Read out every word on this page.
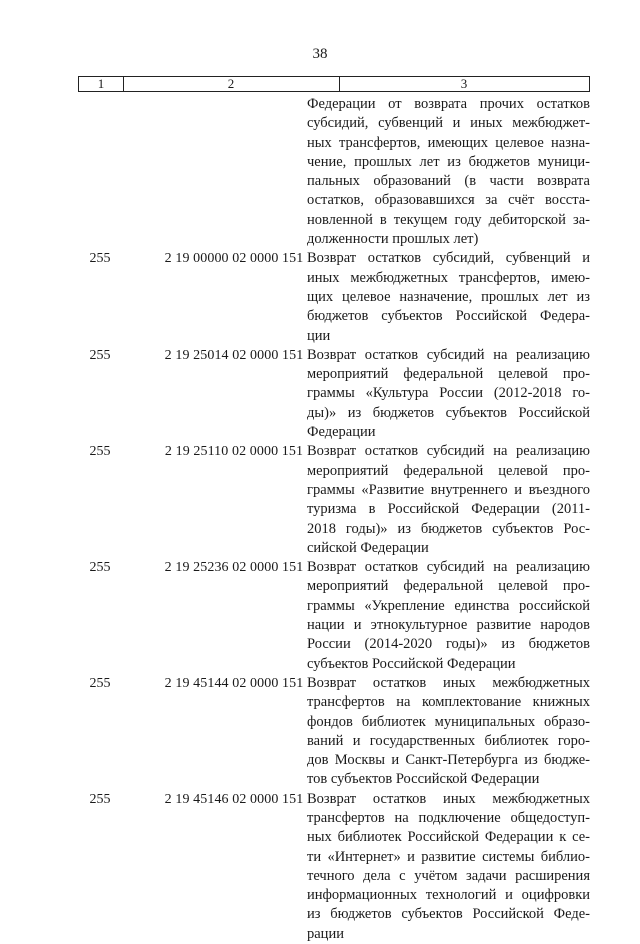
38
1	2	3
Федерации от возврата прочих остатков
субсидий, субвенций и иных межбюджет-
ных трансфертов, имеющих целевое назна-
чение, прошлых лет из бюджетов муници-
пальных образований (в части возврата
остатков, образовавшихся за счёт восста-
новленной в текущем году дебиторской за-
долженности прошлых лет)
255	2 19 00000 02 0000 151 Возврат остатков субсидий, субвенций и
иных межбюджетных трансфертов, имею-
щих целевое назначение, прошлых лет из
бюджетов субъектов Российской Федера-
ции
255	2 19 25014 02 0000 151 Возврат остатков субсидий на реализацию
мероприятий федеральной целевой про-
граммы «Культура России (2012-2018 го-
ды)» из бюджетов субъектов Российской
Федерации
255	2 19 25110 02 0000 151 Возврат остатков субсидий на реализацию
мероприятий федеральной целевой про-
граммы «Развитие внутреннего и въездного
туризма в Российской Федерации (2011-
2018 годы)» из бюджетов субъектов Рос-
сийской Федерации
255	2 19 25236 02 0000 151 Возврат остатков субсидий на реализацию
мероприятий федеральной целевой про-
граммы «Укрепление единства российской
нации и этнокультурное развитие народов
России (2014-2020 годы)» из бюджетов
субъектов Российской Федерации
255	2 19 45144 02 0000 151 Возврат остатков иных межбюджетных
трансфертов на комплектование книжных
фондов библиотек муниципальных образо-
ваний и государственных библиотек горо-
дов Москвы и Санкт-Петербурга из бюдже-
тов субъектов Российской Федерации
255	2 19 45146 02 0000 151 Возврат остатков иных межбюджетных
трансфертов на подключение общедоступ-
ных библиотек Российской Федерации к се-
ти «Интернет» и развитие системы библио-
течного дела с учётом задачи расширения
информационных технологий и оцифровки
из бюджетов субъектов Российской Феде-
рации
